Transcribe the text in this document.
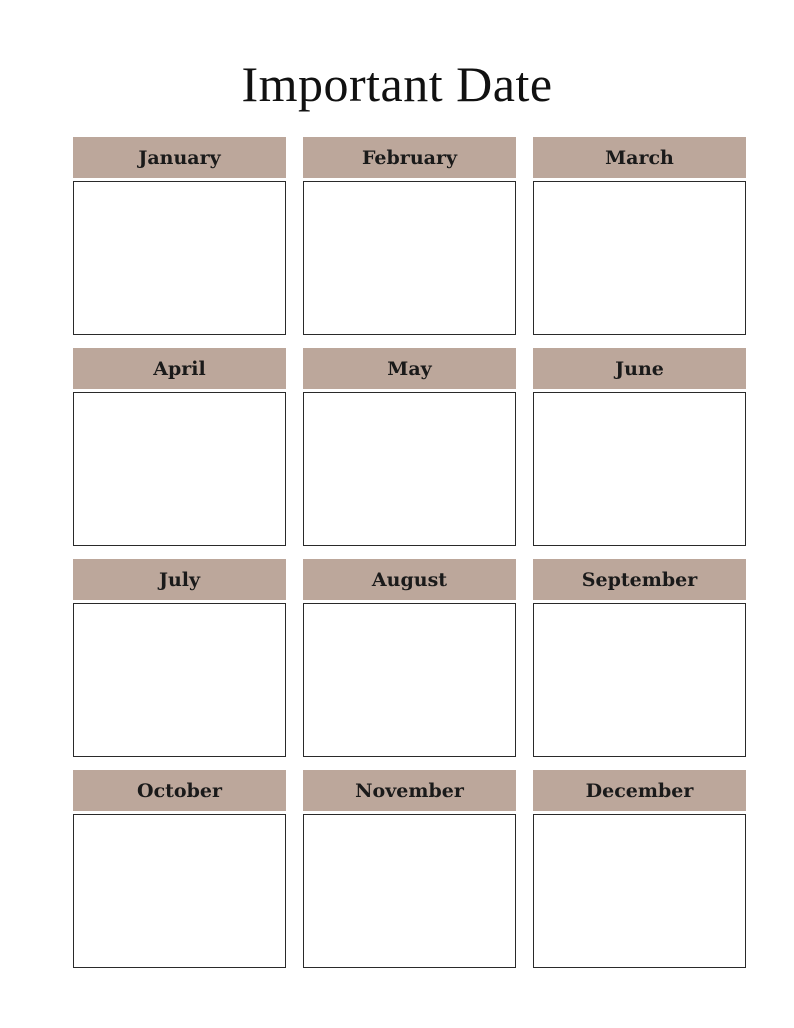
Important Date
January	February	March
April	May	June
July	August	September
October	November	December
